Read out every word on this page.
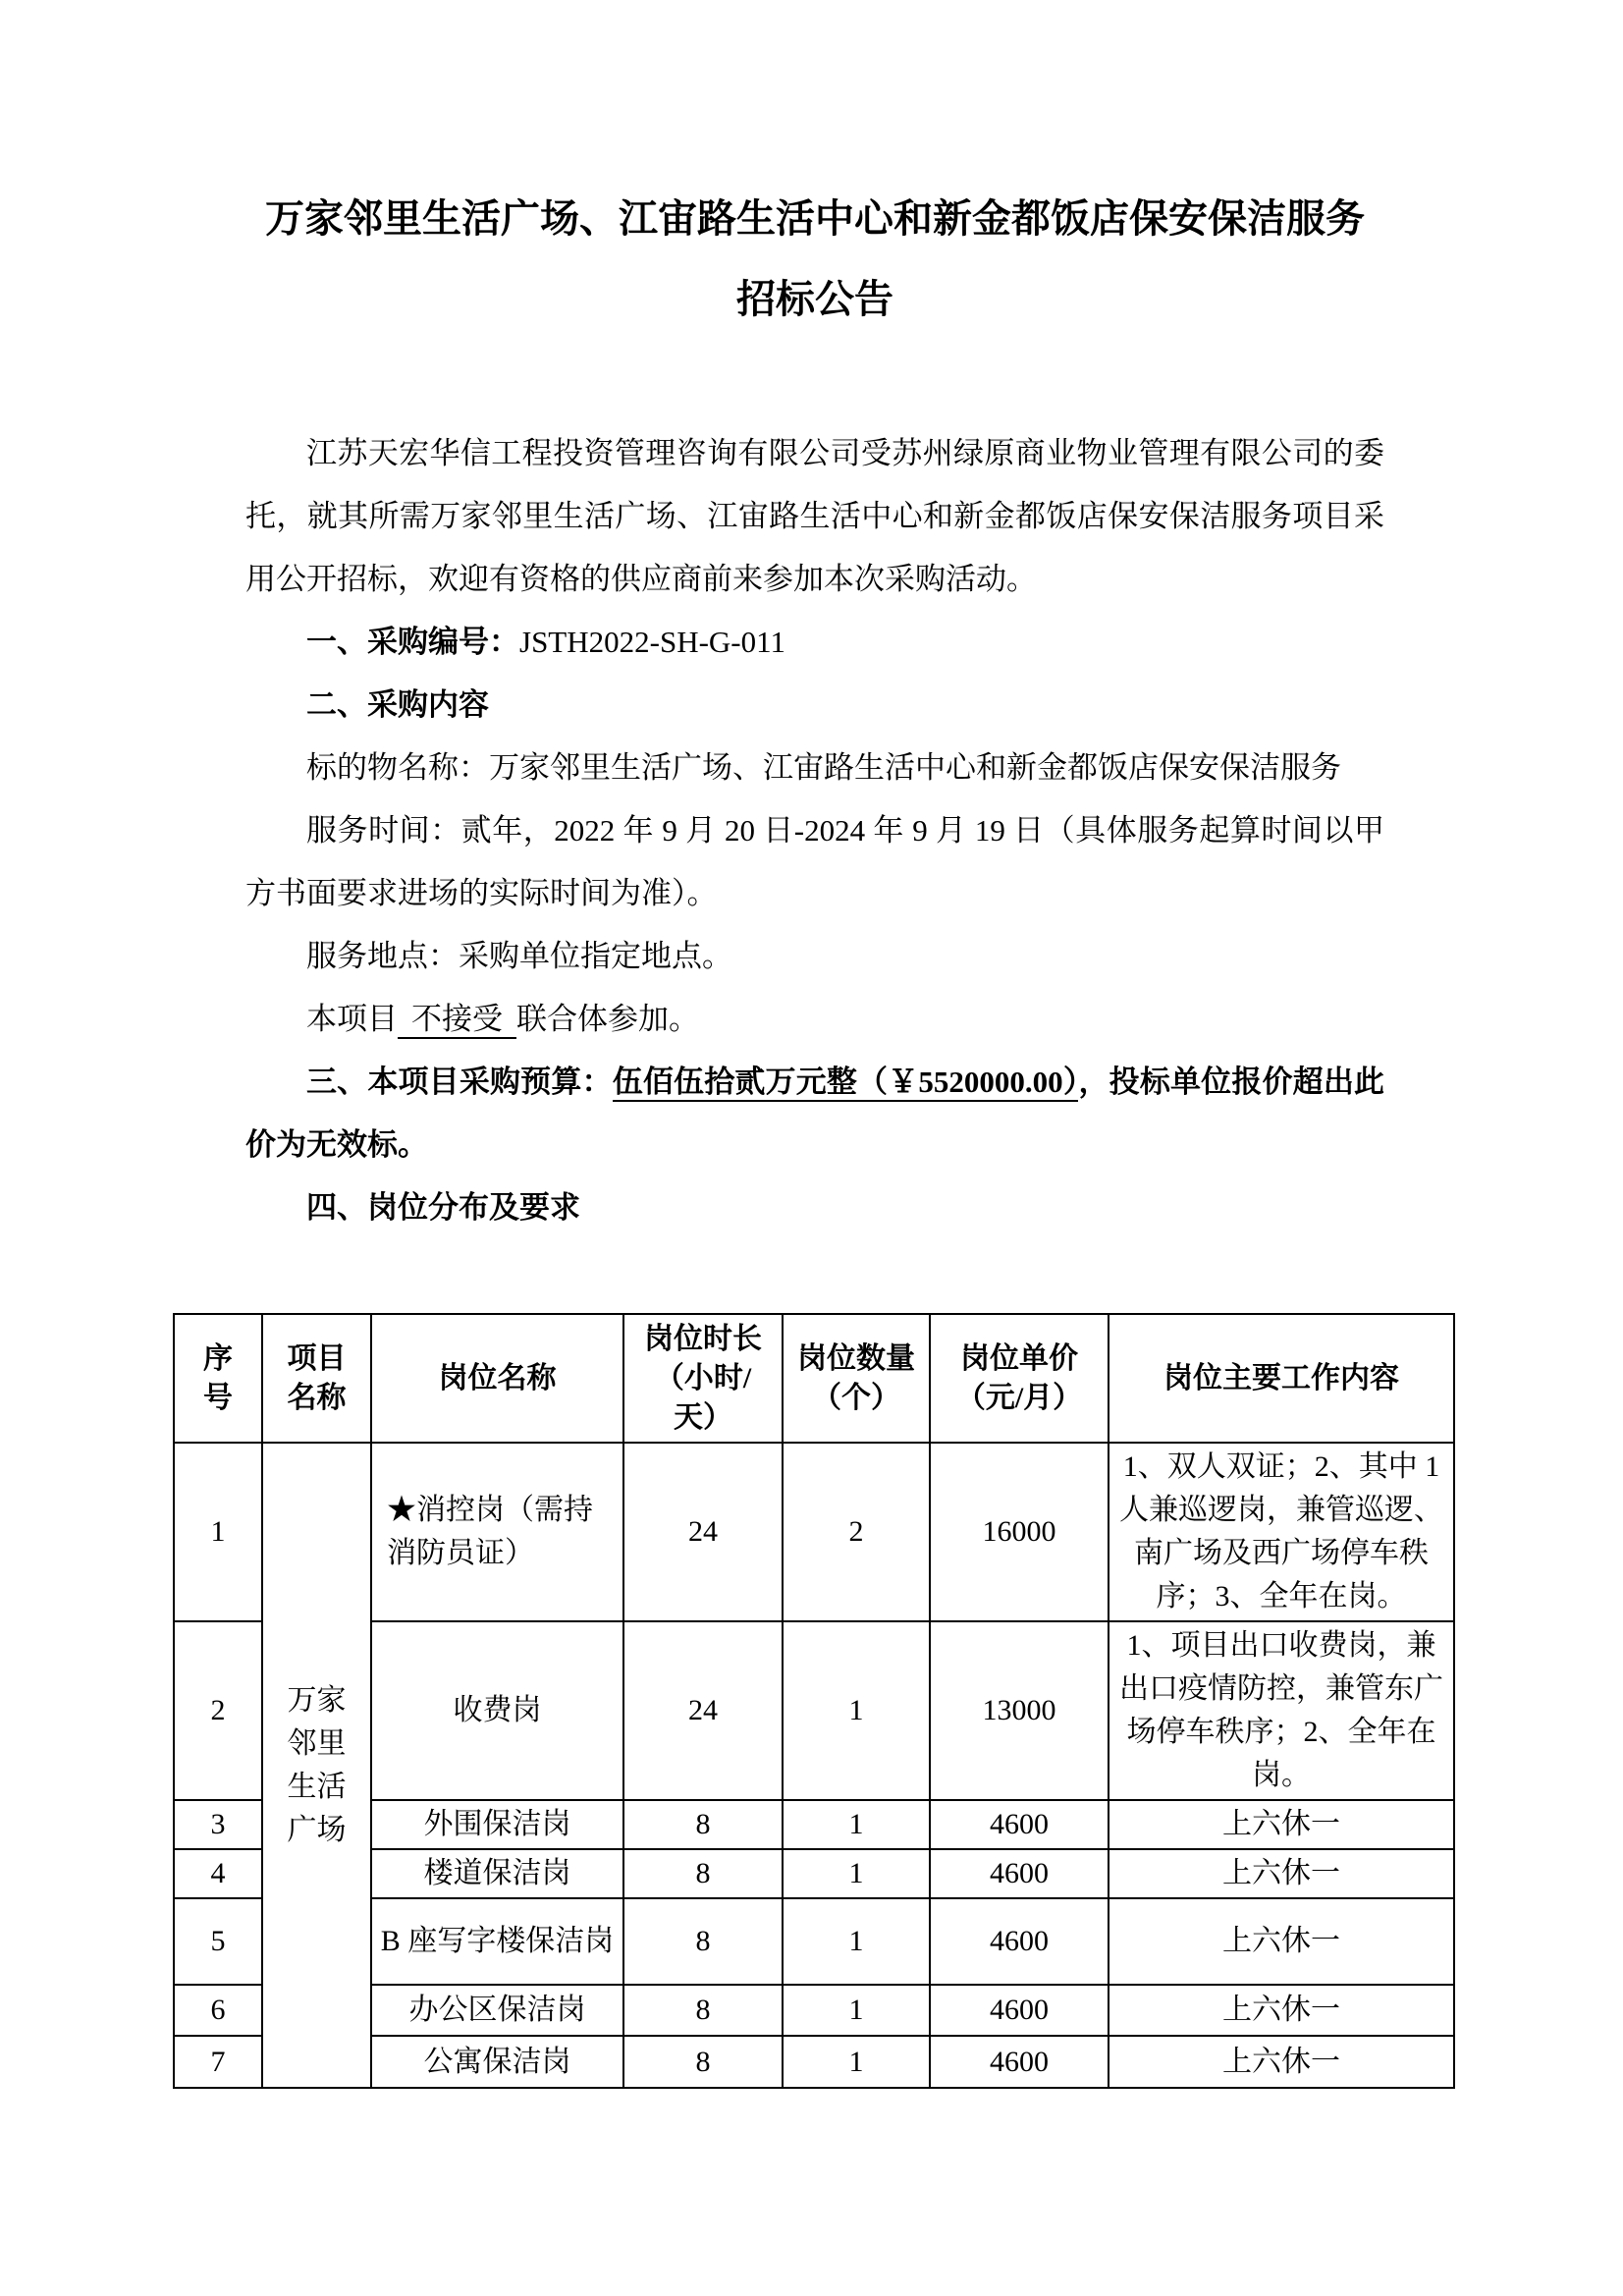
万家邻里生活广场、江宙路生活中心和新金都饭店保安保洁服务
招标公告

江苏天宏华信工程投资管理咨询有限公司受苏州绿原商业物业管理有限公司的委托，就其所需万家邻里生活广场、江宙路生活中心和新金都饭店保安保洁服务项目采用公开招标，欢迎有资格的供应商前来参加本次采购活动。

一、采购编号：JSTH2022-SH-G-011

二、采购内容

标的物名称：万家邻里生活广场、江宙路生活中心和新金都饭店保安保洁服务

服务时间：贰年，2022 年 9 月 20 日-2024 年 9 月 19 日（具体服务起算时间以甲方书面要求进场的实际时间为准）。

服务地点：采购单位指定地点。

本项目 不接受 联合体参加。

三、本项目采购预算：伍佰伍拾贰万元整（￥5520000.00），投标单位报价超出此价为无效标。

四、岗位分布及要求

序号	项目名称	岗位名称	岗位时长（小时/天）	岗位数量（个）	岗位单价（元/月）	岗位主要工作内容
1	万家邻里生活广场	★消控岗（需持消防员证）	24	2	16000	1、双人双证；2、其中 1 人兼巡逻岗，兼管巡逻、南广场及西广场停车秩序；3、全年在岗。
2		收费岗	24	1	13000	1、项目出口收费岗，兼出口疫情防控，兼管东广场停车秩序；2、全年在岗。
3		外围保洁岗	8	1	4600	上六休一
4		楼道保洁岗	8	1	4600	上六休一
5		B 座写字楼保洁岗	8	1	4600	上六休一
6		办公区保洁岗	8	1	4600	上六休一
7		公寓保洁岗	8	1	4600	上六休一
